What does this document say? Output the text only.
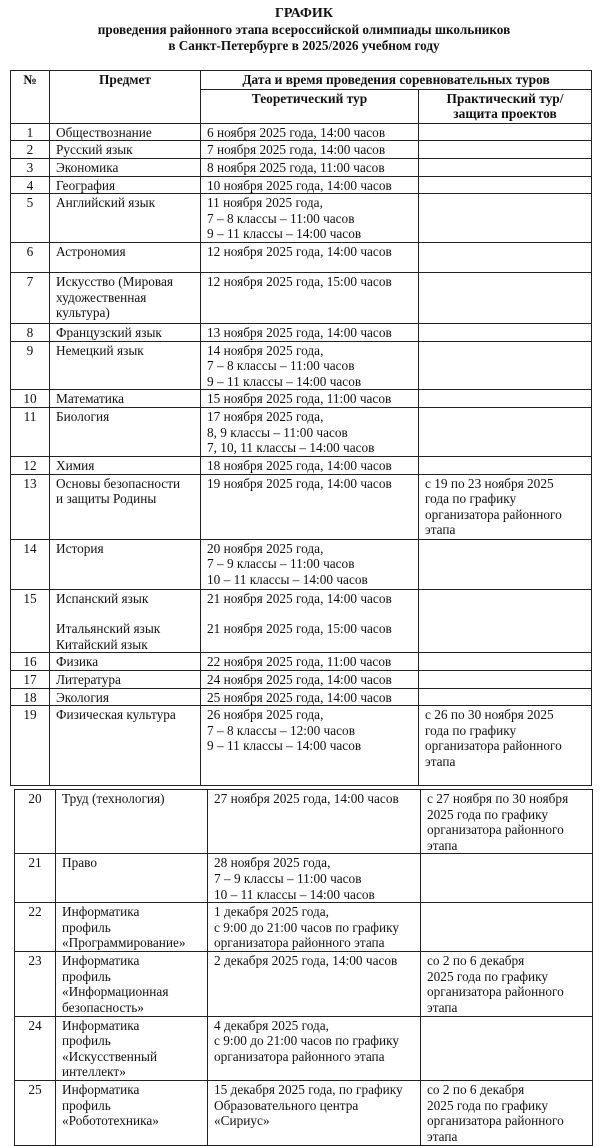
ГРАФИК
проведения районного этапа всероссийской олимпиады школьников
в Санкт-Петербурге в 2025/2026 учебном году
№	Предмет	Дата и время проведения соревновательных туров	
		Теоретический тур	Практический тур/
защита проектов

1	Обществознание	6 ноября 2025 года, 14:00 часов	

2	Русский язык	7 ноября 2025 года, 14:00 часов	

3	Экономика	8 ноября 2025 года, 11:00 часов	

4	География	10 ноября 2025 года, 14:00 часов	

5	Английский язык	11 ноября 2025 года,
7 – 8 классы – 11:00 часов
9 – 11 классы – 14:00 часов	

6	Астрономия	12 ноября 2025 года, 14:00 часов	

7	Искусство (Мировая
художественная
культура)	12 ноября 2025 года, 15:00 часов	

8	Французский язык	13 ноября 2025 года, 14:00 часов	

9	Немецкий язык	14 ноября 2025 года,
7 – 8 классы – 11:00 часов
9 – 11 классы – 14:00 часов	

10	Математика	15 ноября 2025 года, 11:00 часов	

11	Биология	17 ноября 2025 года,
8, 9 классы – 11:00 часов
7, 10, 11 классы – 14:00 часов	

12	Химия	18 ноября 2025 года, 14:00 часов	

13	Основы безопасности
и защиты Родины	19 ноября 2025 года, 14:00 часов	с 19 по 23 ноября 2025
года по графику
организатора районного
этапа

14	История	20 ноября 2025 года,
7 – 9 классы – 11:00 часов
10 – 11 классы – 14:00 часов	

15	Испанский язык
Итальянский язык
Китайский язык	21 ноября 2025 года, 14:00 часов
21 ноября 2025 года, 15:00 часов	

16	Физика	22 ноября 2025 года, 11:00 часов	

17	Литература	24 ноября 2025 года, 14:00 часов	

18	Экология	25 ноября 2025 года, 14:00 часов	

19	Физическая культура	26 ноября 2025 года,
7 – 8 классы – 12:00 часов
9 – 11 классы – 14:00 часов	с 26 по 30 ноября 2025
года по графику
организатора районного
этапа
20	Труд (технология)	27 ноября 2025 года, 14:00 часов	с 27 ноября по 30 ноября
2025 года по графику
организатора районного
этапа

21	Право	28 ноября 2025 года,
7 – 9 классы – 11:00 часов
10 – 11 классы – 14:00 часов	

22	Информатика
профиль
«Программирование»	1 декабря 2025 года,
с 9:00 до 21:00 часов по графику
организатора районного этапа	

23	Информатика
профиль
«Информационная
безопасность»	2 декабря 2025 года, 14:00 часов	со 2 по 6 декабря
2025 года по графику
организатора районного
этапа

24	Информатика
профиль
«Искусственный
интеллект»	4 декабря 2025 года,
с 9:00 до 21:00 часов по графику
организатора районного этапа	

25	Информатика
профиль
«Робототехника»	15 декабря 2025 года, по графику
Образовательного центра
«Сириус»	со 2 по 6 декабря
2025 года по графику
организатора районного
этапа
